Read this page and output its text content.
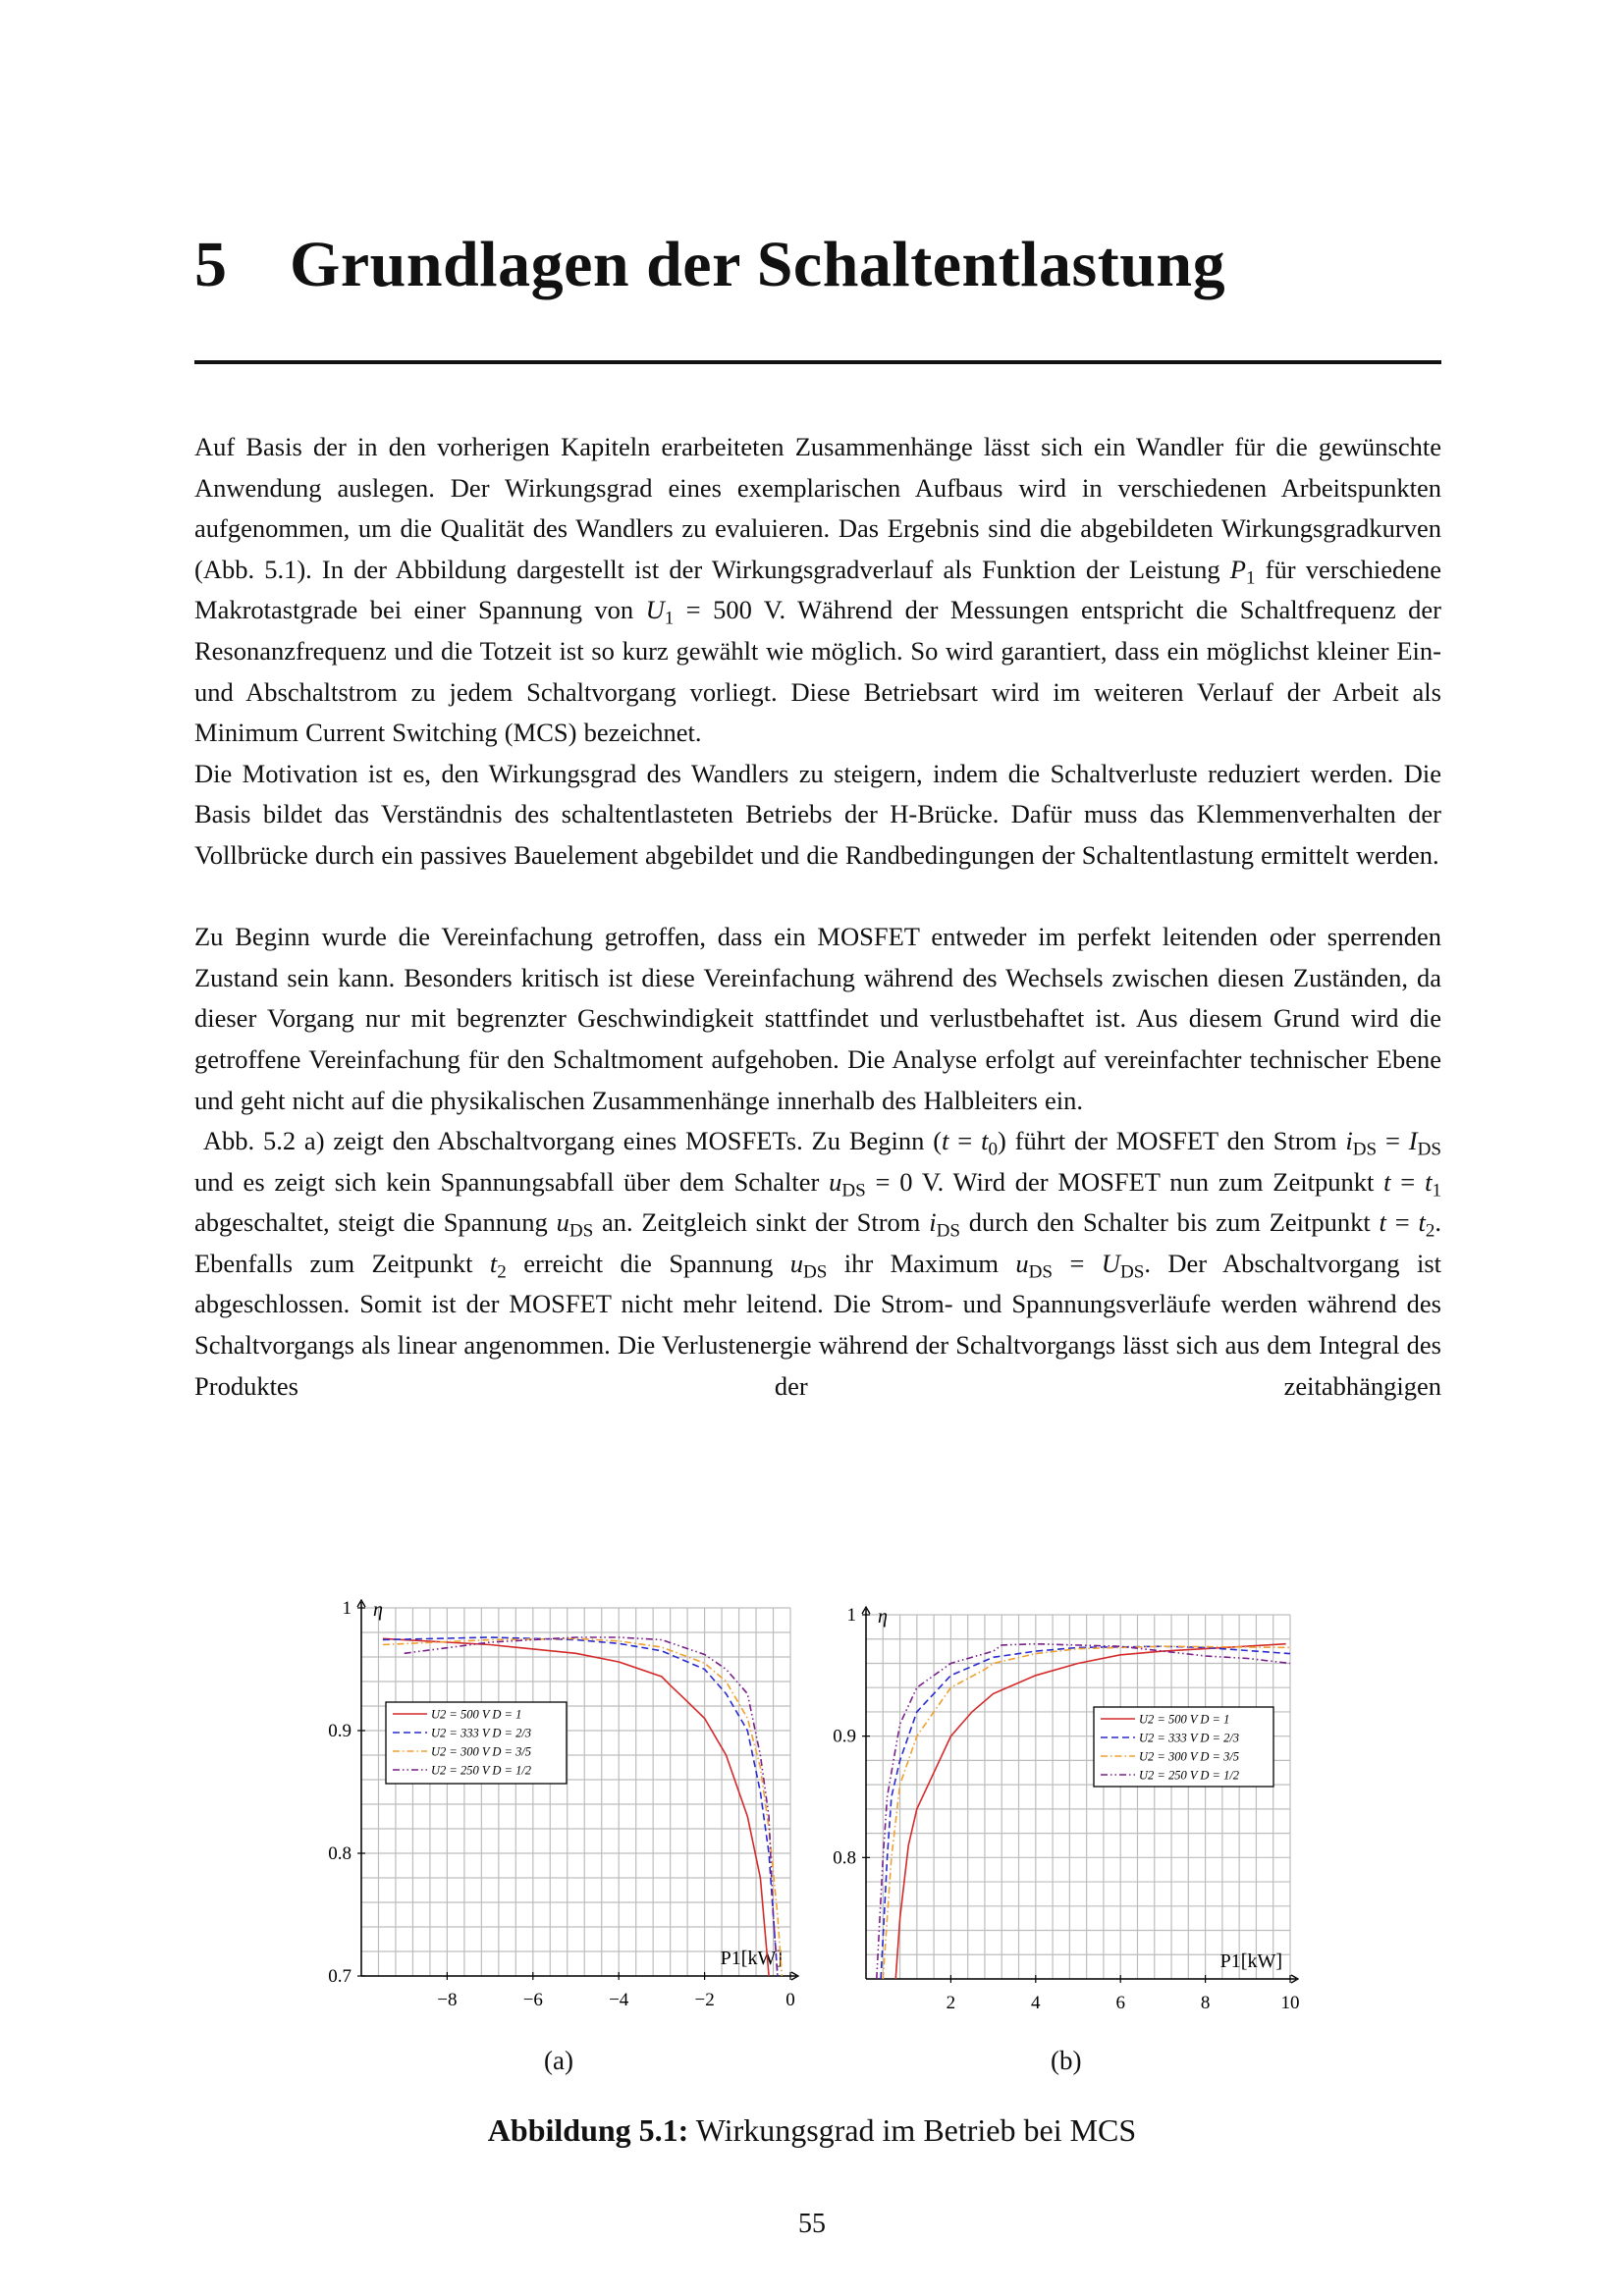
5 Grundlagen der Schaltentlastung

Auf Basis der in den vorherigen Kapiteln erarbeiteten Zusammenhänge lässt sich ein Wandler für die gewünschte Anwendung auslegen. Der Wirkungsgrad eines exemplarischen Aufbaus wird in verschiedenen Arbeitspunkten aufgenommen, um die Qualität des Wandlers zu evaluieren. Das Ergebnis sind die abgebildeten Wirkungsgradkurven (Abb. 5.1). In der Abbildung dargestellt ist der Wirkungsgradverlauf als Funktion der Leistung $P_1$ für verschiedene Makrotastgrade bei einer Spannung von $U_1 = 500$ V. Während der Messungen entspricht die Schaltfrequenz der Resonanzfrequenz und die Totzeit ist so kurz gewählt wie möglich. So wird garantiert, dass ein möglichst kleiner Ein- und Abschaltstrom zu jedem Schaltvorgang vorliegt. Diese Betriebsart wird im weiteren Verlauf der Arbeit als Minimum Current Switching (MCS) bezeichnet.

Die Motivation ist es, den Wirkungsgrad des Wandlers zu steigern, indem die Schaltverluste reduziert werden. Die Basis bildet das Verständnis des schaltentlasteten Betriebs der H-Brücke. Dafür muss das Klemmenverhalten der Vollbrücke durch ein passives Bauelement abgebildet und die Randbedingungen der Schaltentlastung ermittelt werden.

Zu Beginn wurde die Vereinfachung getroffen, dass ein MOSFET entweder im perfekt leitenden oder sperrenden Zustand sein kann. Besonders kritisch ist diese Vereinfachung während des Wechsels zwischen diesen Zuständen, da dieser Vorgang nur mit begrenzter Geschwindigkeit stattfindet und verlustbehaftet ist. Aus diesem Grund wird die getroffene Vereinfachung für den Schaltmoment aufgehoben. Die Analyse erfolgt auf vereinfachter technischer Ebene und geht nicht auf die physikalischen Zusammenhänge innerhalb des Halbleiters ein.

Abb. 5.2 a) zeigt den Abschaltvorgang eines MOSFETs. Zu Beginn $(t = t_0)$ führt der MOSFET den Strom $i_{DS} = I_{DS}$ und es zeigt sich kein Spannungsabfall über dem Schalter $u_{DS} = 0$ V. Wird der MOSFET nun zum Zeitpunkt $t = t_1$ abgeschaltet, steigt die Spannung $u_{DS}$ an. Zeitgleich sinkt der Strom $i_{DS}$ durch den Schalter bis zum Zeitpunkt $t = t_2$. Ebenfalls zum Zeitpunkt $t_2$ erreicht die Spannung $u_{DS}$ ihr Maximum $u_{DS} = U_{DS}$. Der Abschaltvorgang ist abgeschlossen. Somit ist der MOSFET nicht mehr leitend. Die Strom- und Spannungsverläufe werden während des Schaltvorgangs als linear angenommen. Die Verlustenergie während der Schaltvorgangs lässt sich aus dem Integral des Produktes der zeitabhängigen

−8	−6	−4	−2	0
0.7
0.8
0.9
1 η
P1[kW]
U2 = 500 V D = 1
U2 = 333 V D = 2/3
U2 = 300 V D = 3/5
U2 = 250 V D = 1/2
2	4	6	8	10
0.8
0.9
1 η
P1[kW]
U2 = 500 V D = 1
U2 = 333 V D = 2/3
U2 = 300 V D = 3/5
U2 = 250 V D = 1/2
(a)	(b)
Abbildung 5.1: Wirkungsgrad im Betrieb bei MCS
55
